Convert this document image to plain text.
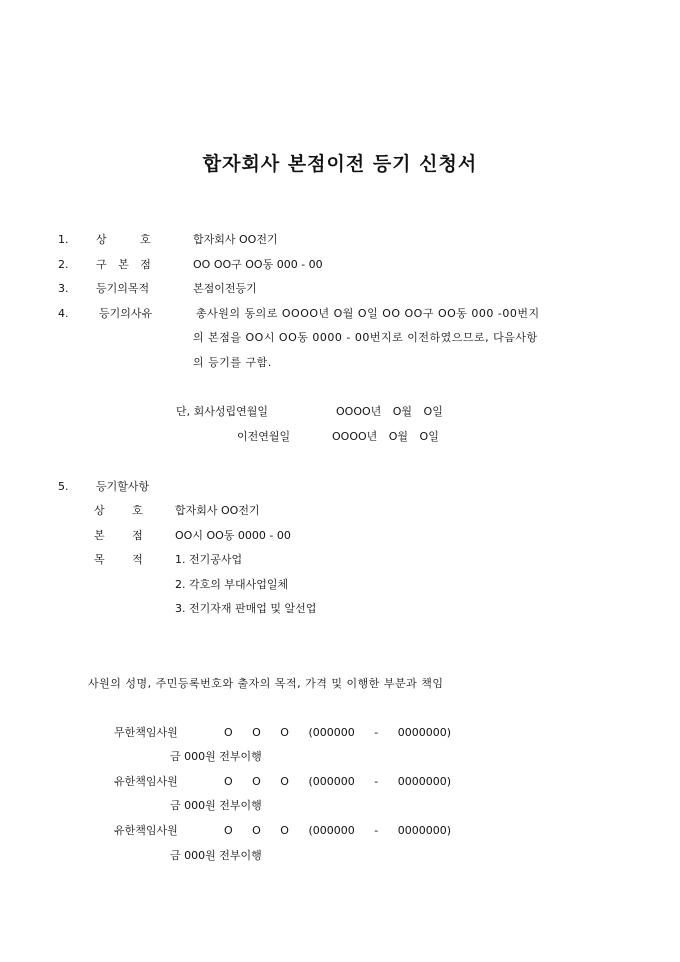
합자회사 본점이전 등기 신청서
1.	상 호	합자회사 OO전기
2.	구 본 점	OO OO구 OO동 000 - 00
3.	등기의목적	본점이전등기
4.	등기의사유	총사원의 동의로 OOOO년 O월 O일 OO OO구 OO동 000 -00번지
의 본점을 OO시 OO동 0000 - 00번지로 이전하였으므로, 다음사항
의 등기를 구함.
단, 회사성립연월일	OOOO년 O월 O일
이전연월일	OOOO년 O월 O일
5.	등기할사항
상 호	합자회사 OO전기
본 점	OO시 OO동 0000 - 00
목 적	1. 전기공사업
2. 각호의 부대사업일체
3. 전기자재 판매업 및 알선업
사원의 성명, 주민등록번호와 출자의 목적, 가격 및 이행한 부분과 책임
무한책임사원	O O O (000000 - 0000000)
금 000원 전부이행
유한책임사원	O O O (000000 - 0000000)
금 000원 전부이행
유한책임사원	O O O (000000 - 0000000)
금 000원 전부이행
